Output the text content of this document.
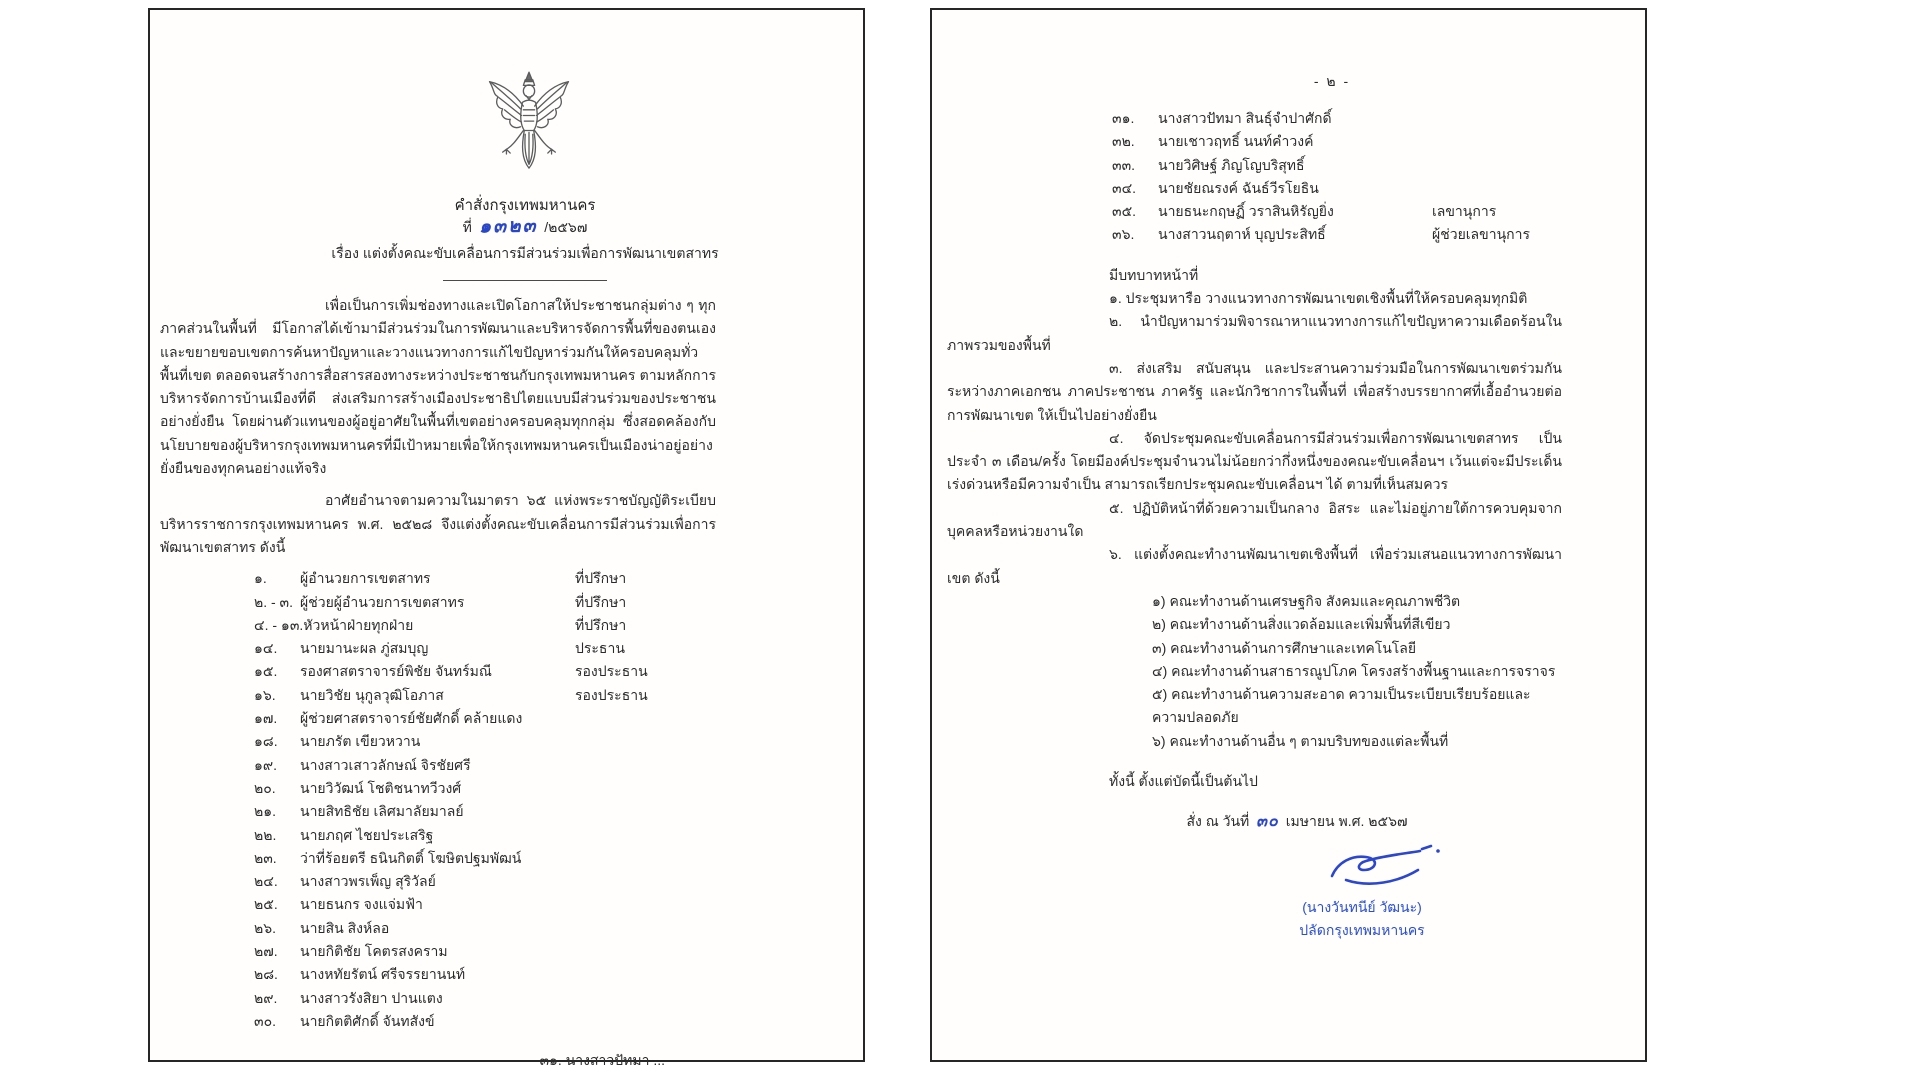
คำสั่งกรุงเทพมหานคร
ที่ ๑๓๒๓ /๒๕๖๗
เรื่อง แต่งตั้งคณะขับเคลื่อนการมีส่วนร่วมเพื่อการพัฒนาเขตสาทร

เพื่อเป็นการเพิ่มช่องทางและเปิดโอกาสให้ประชาชนกลุ่มต่าง ๆ ทุกภาคส่วนในพื้นที่ มีโอกาสได้เข้ามามีส่วนร่วมในการพัฒนาและบริหารจัดการพื้นที่ของตนเองและขยายขอบเขตการค้นหาปัญหาและวางแนวทางการแก้ไขปัญหาร่วมกันให้ครอบคลุมทั่วพื้นที่เขต ตลอดจนสร้างการสื่อสารสองทางระหว่างประชาชนกับกรุงเทพมหานคร ตามหลักการบริหารจัดการบ้านเมืองที่ดี ส่งเสริมการสร้างเมืองประชาธิปไตยแบบมีส่วนร่วมของประชาชนอย่างยั่งยืน โดยผ่านตัวแทนของผู้อยู่อาศัยในพื้นที่เขตอย่างครอบคลุมทุกกลุ่ม ซึ่งสอดคล้องกับนโยบายของผู้บริหารกรุงเทพมหานครที่มีเป้าหมายเพื่อให้กรุงเทพมหานครเป็นเมืองน่าอยู่อย่างยั่งยืนของทุกคนอย่างแท้จริง

อาศัยอำนาจตามความในมาตรา ๖๕ แห่งพระราชบัญญัติระเบียบบริหารราชการกรุงเทพมหานคร พ.ศ. ๒๕๒๘ จึงแต่งตั้งคณะขับเคลื่อนการมีส่วนร่วมเพื่อการพัฒนาเขตสาทร ดังนี้

๑. ผู้อำนวยการเขตสาทร	ที่ปรึกษา
๒. - ๓. ผู้ช่วยผู้อำนวยการเขตสาทร	ที่ปรึกษา
๔. - ๑๓.หัวหน้าฝ่ายทุกฝ่าย	ที่ปรึกษา
๑๔. นายมานะผล ภู่สมบุญ	ประธาน
๑๕. รองศาสตราจารย์พิชัย จันทร์มณี	รองประธาน
๑๖. นายวิชัย นุกูลวุฒิโอภาส	รองประธาน
๑๗. ผู้ช่วยศาสตราจารย์ชัยศักดิ์ คล้ายแดง
๑๘. นายภรัต เขียวหวาน
๑๙. นางสาวเสาวลักษณ์ จิรชัยศรี
๒๐. นายวิวัฒน์ โชติชนาทวีวงศ์
๒๑. นายสิทธิชัย เลิศมาลัยมาลย์
๒๒. นายภฤศ ไชยประเสริฐ
๒๓. ว่าที่ร้อยตรี ธนินกิตติ์ โฆษิตปฐมพัฒน์
๒๔. นางสาวพรเพ็ญ สุริวัลย์
๒๕. นายธนกร จงแจ่มฟ้า
๒๖. นายสิน สิงห์ลอ
๒๗. นายกิติชัย โคตรสงคราม
๒๘. นางหทัยรัตน์ ศรีจรรยานนท์
๒๙. นางสาวรังสิยา ปานแตง
๓๐. นายกิตติศักดิ์ จันทสังข์
๓๑. นางสาวปัทมา ...
- ๒ -
๓๑. นางสาวปัทมา สินธุ์จำปาศักดิ์
๓๒. นายเชาวฤทธิ์ นนท์คำวงค์
๓๓. นายวิศิษฐ์ ภิญโญบริสุทธิ์
๓๔. นายชัยณรงค์ ฉันธ์วีรโยธิน
๓๕. นายธนะกฤษฏิ์ วราสินหิรัญยิ่ง	เลขานุการ
๓๖. นางสาวนฤตาห์ บุญประสิทธิ์	ผู้ช่วยเลขานุการ
มีบทบาทหน้าที่

๑. ประชุมหารือ วางแนวทางการพัฒนาเขตเชิงพื้นที่ให้ครอบคลุมทุกมิติ

๒. นำปัญหามาร่วมพิจารณาหาแนวทางการแก้ไขปัญหาความเดือดร้อนในภาพรวมของพื้นที่

๓. ส่งเสริม สนับสนุน และประสานความร่วมมือในการพัฒนาเขตร่วมกัน ระหว่างภาคเอกชน ภาคประชาชน ภาครัฐ และนักวิชาการในพื้นที่ เพื่อสร้างบรรยากาศที่เอื้ออำนวยต่อการพัฒนาเขต ให้เป็นไปอย่างยั่งยืน

๔. จัดประชุมคณะขับเคลื่อนการมีส่วนร่วมเพื่อการพัฒนาเขตสาทร เป็นประจำ ๓ เดือน/ครั้ง โดยมีองค์ประชุมจำนวนไม่น้อยกว่ากึ่งหนึ่งของคณะขับเคลื่อนฯ เว้นแต่จะมีประเด็นเร่งด่วนหรือมีความจำเป็น สามารถเรียกประชุมคณะขับเคลื่อนฯ ได้ ตามที่เห็นสมควร

๕. ปฏิบัติหน้าที่ด้วยความเป็นกลาง อิสระ และไม่อยู่ภายใต้การควบคุมจากบุคคลหรือหน่วยงานใด

๖. แต่งตั้งคณะทำงานพัฒนาเขตเชิงพื้นที่ เพื่อร่วมเสนอแนวทางการพัฒนาเขต ดังนี้

๑) คณะทำงานด้านเศรษฐกิจ สังคมและคุณภาพชีวิต
๒) คณะทำงานด้านสิ่งแวดล้อมและเพิ่มพื้นที่สีเขียว
๓) คณะทำงานด้านการศึกษาและเทคโนโลยี
๔) คณะทำงานด้านสาธารณูปโภค โครงสร้างพื้นฐานและการจราจร
๕) คณะทำงานด้านความสะอาด ความเป็นระเบียบเรียบร้อยและความปลอดภัย
๖) คณะทำงานด้านอื่น ๆ ตามบริบทของแต่ละพื้นที่
ทั้งนี้ ตั้งแต่บัดนี้เป็นต้นไป
สั่ง ณ วันที่ ๓๐ เมษายน พ.ศ. ๒๕๖๗
(นางวันทนีย์ วัฒนะ)
ปลัดกรุงเทพมหานคร
